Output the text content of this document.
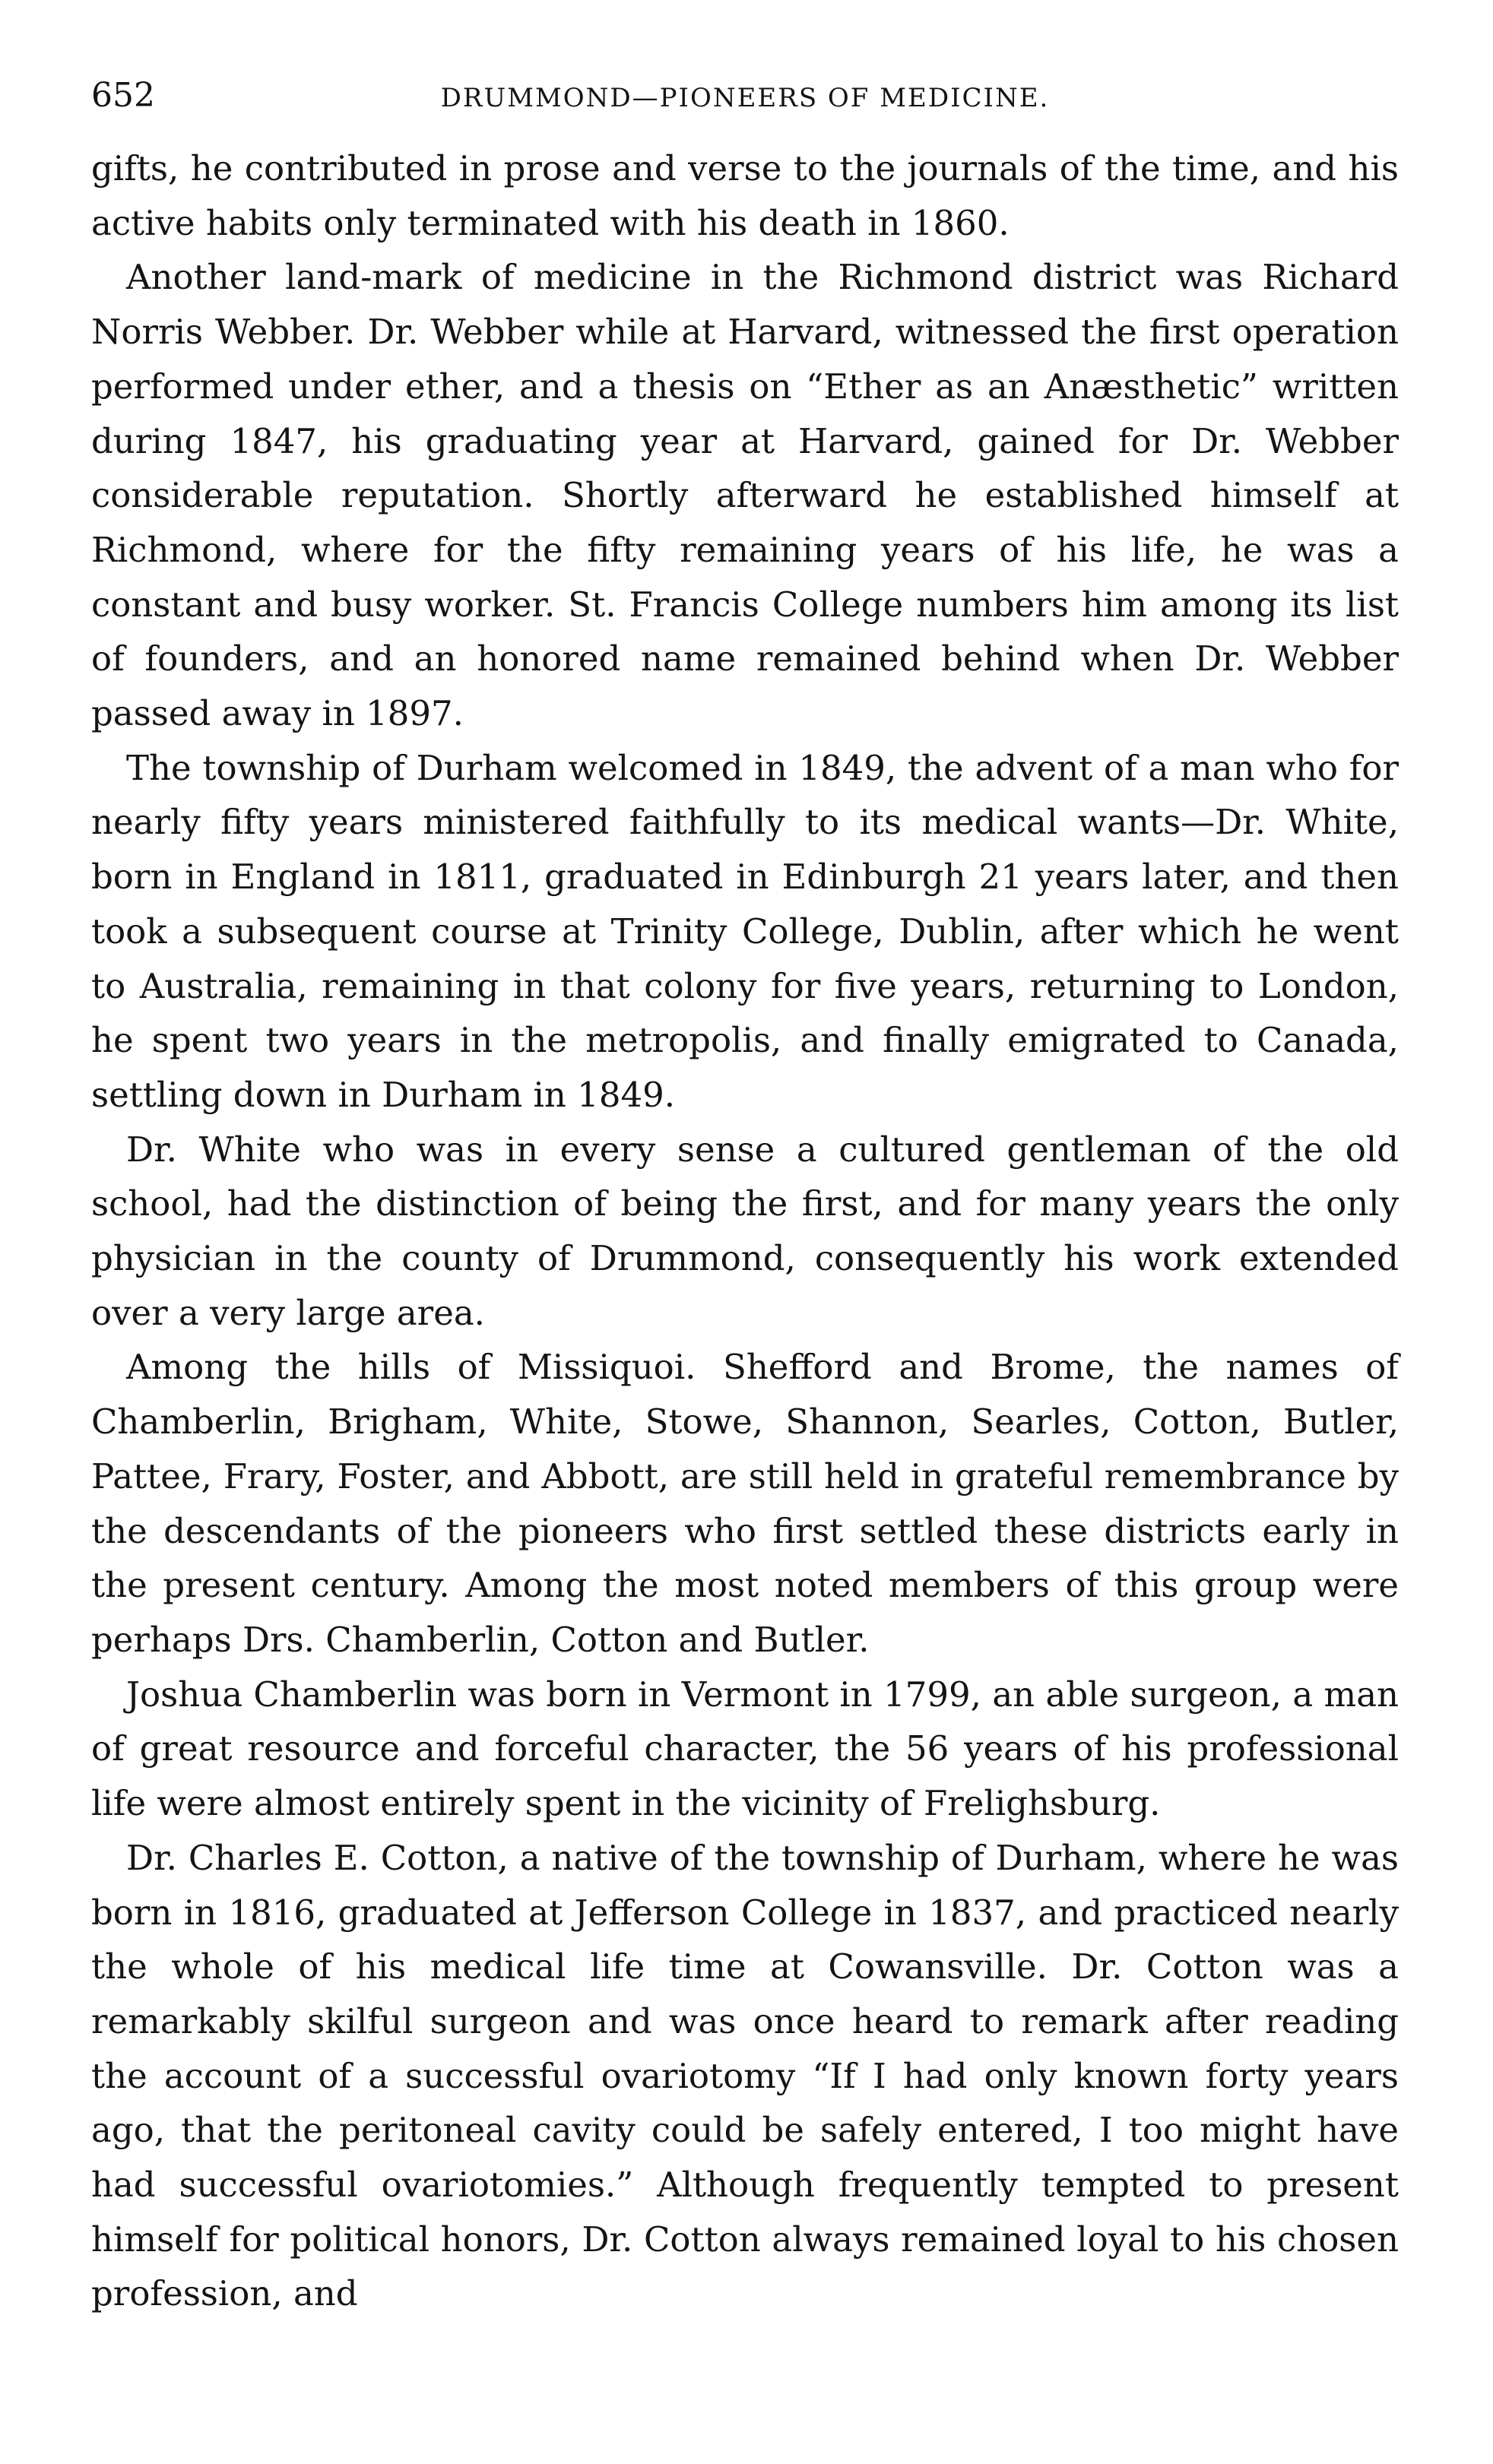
652	DRUMMOND—PIONEERS OF MEDICINE.

gifts, he contributed in prose and verse to the journals of the time, and his active habits only terminated with his death in 1860.

Another land-mark of medicine in the Richmond district was Richard Norris Webber. Dr. Webber while at Harvard, witnessed the first operation performed under ether, and a thesis on “Ether as an Anæsthetic” written during 1847, his graduating year at Harvard, gained for Dr. Webber considerable reputation. Shortly afterward he established himself at Richmond, where for the fifty remaining years of his life, he was a constant and busy worker. St. Francis College numbers him among its list of founders, and an honored name remained behind when Dr. Webber passed away in 1897.

The township of Durham welcomed in 1849, the advent of a man who for nearly fifty years ministered faithfully to its medical wants—Dr. White, born in England in 1811, graduated in Edinburgh 21 years later, and then took a subsequent course at Trinity College, Dublin, after which he went to Australia, remaining in that colony for five years, returning to London, he spent two years in the metropolis, and finally emigrated to Canada, settling down in Durham in 1849.

Dr. White who was in every sense a cultured gentleman of the old school, had the distinction of being the first, and for many years the only physician in the county of Drummond, consequently his work extended over a very large area.

Among the hills of Missiquoi. Shefford and Brome, the names of Chamberlin, Brigham, White, Stowe, Shannon, Searles, Cotton, Butler, Pattee, Frary, Foster, and Abbott, are still held in grateful remembrance by the descendants of the pioneers who first settled these districts early in the present century. Among the most noted members of this group were perhaps Drs. Chamberlin, Cotton and Butler.

Joshua Chamberlin was born in Vermont in 1799, an able surgeon, a man of great resource and forceful character, the 56 years of his professional life were almost entirely spent in the vicinity of Frelighsburg.

Dr. Charles E. Cotton, a native of the township of Durham, where he was born in 1816, graduated at Jefferson College in 1837, and practiced nearly the whole of his medical life time at Cowansville. Dr. Cotton was a remarkably skilful surgeon and was once heard to remark after reading the account of a successful ovariotomy “If I had only known forty years ago, that the peritoneal cavity could be safely entered, I too might have had successful ovariotomies.” Although frequently tempted to present himself for political honors, Dr. Cotton always remained loyal to his chosen profession, and
